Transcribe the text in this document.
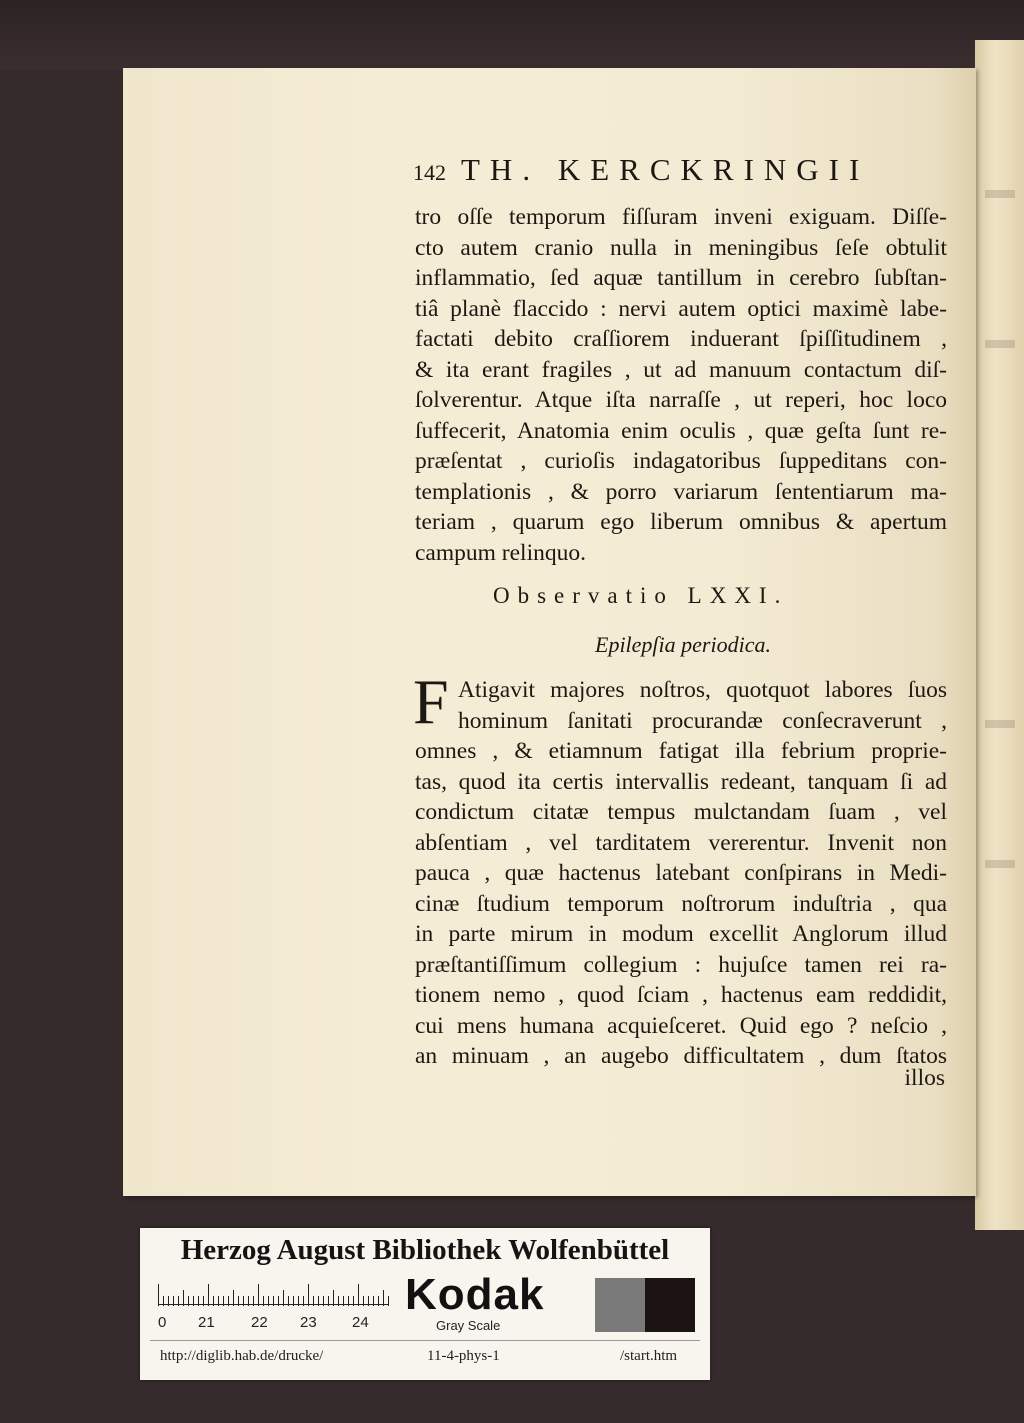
142 TH. KERCKRINGII
tro oſſe temporum fiſſuram inveni exiguam. Diſſe-
cto autem cranio nulla in meningibus ſeſe obtulit
inflammatio, ſed aquæ tantillum in cerebro ſubſtan-
tiâ planè flaccido : nervi autem optici maximè labe-
factati debito craſſiorem induerant ſpiſſitudinem ,
& ita erant fragiles , ut ad manuum contactum diſ-
ſolverentur. Atque iſta narraſſe , ut reperi, hoc loco
ſuffecerit, Anatomia enim oculis , quæ geſta ſunt re-
præſentat , curioſis indagatoribus ſuppeditans con-
templationis , & porro variarum ſententiarum ma-
teriam , quarum ego liberum omnibus & apertum
campum relinquo.
Observatio LXXI.
Epilepſia periodica.
F Atigavit majores noſtros, quotquot labores ſuos
hominum ſanitati procurandæ conſecraverunt ,
omnes , & etiamnum fatigat illa febrium proprie-
tas, quod ita certis intervallis redeant, tanquam ſi ad
condictum citatæ tempus mulctandam ſuam , vel
abſentiam , vel tarditatem vererentur. Invenit non
pauca , quæ hactenus latebant conſpirans in Medi-
cinæ ſtudium temporum noſtrorum induſtria , qua
in parte mirum in modum excellit Anglorum illud
præſtantiſſimum collegium : hujuſce tamen rei ra-
tionem nemo , quod ſciam , hactenus eam reddidit,
cui mens humana acquieſceret. Quid ego ? neſcio ,
an minuam , an augebo difficultatem , dum ſtatos
illos
Herzog August Bibliothek Wolfenbüttel
0 21 22 23 24
Kodak
Gray Scale
http://diglib.hab.de/drucke/	11-4-phys-1	/start.htm
